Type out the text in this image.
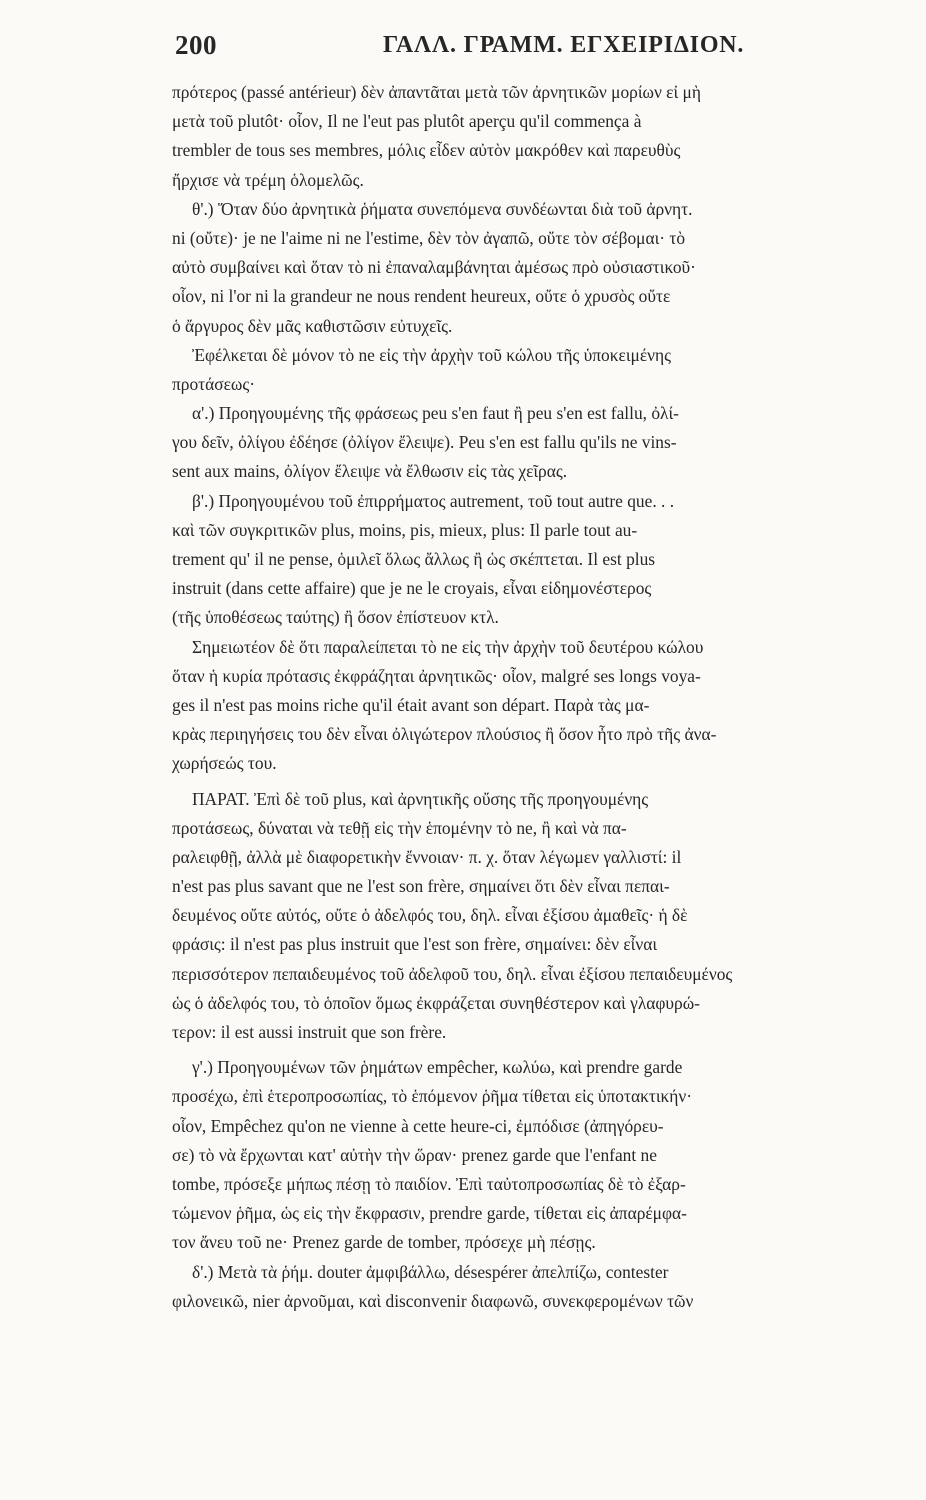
200	ΓΑΛΛ. ΓΡΑΜΜ. ΕΓΧΕΙΡΙΔΙΟΝ.
πρότερος (passé antérieur) δὲν ἀπαντᾶται μετὰ τῶν ἀρνητικῶν μορίων εἰ μὴ
μετὰ τοῦ plutôt· οἷον, Il ne l'eut pas plutôt aperçu qu'il commença à
trembler de tous ses membres, μόλις εἶδεν αὐτὸν μακρόθεν καὶ παρευθὺς
ἤρχισε νὰ τρέμη ὁλομελῶς.
θ'.) Ὅταν δύο ἀρνητικὰ ῥήματα συνεπόμενα συνδέωνται διὰ τοῦ ἀρνητ.
ni (οὔτε)· je ne l'aime ni ne l'estime, δὲν τὸν ἀγαπῶ, οὔτε τὸν σέβομαι· τὸ
αὐτὸ συμβαίνει καὶ ὅταν τὸ ni ἐπαναλαμβάνηται ἀμέσως πρὸ οὐσιαστικοῦ·
οἷον, ni l'or ni la grandeur ne nous rendent heureux, οὔτε ὁ χρυσὸς οὔτε
ὁ ἄργυρος δὲν μᾶς καθιστῶσιν εὐτυχεῖς.
Ἐφέλκεται δὲ μόνον τὸ ne εἰς τὴν ἀρχὴν τοῦ κώλου τῆς ὑποκειμένης
προτάσεως·
α'.) Προηγουμένης τῆς φράσεως peu s'en faut ἢ peu s'en est fallu, ὀλί-
γου δεῖν, ὀλίγου ἐδέησε (ὀλίγον ἔλειψε). Peu s'en est fallu qu'ils ne vins-
sent aux mains, ὀλίγον ἔλειψε νὰ ἔλθωσιν εἰς τὰς χεῖρας.
β'.) Προηγουμένου τοῦ ἐπιρρήματος autrement, τοῦ tout autre que. . .
καὶ τῶν συγκριτικῶν plus, moins, pis, mieux, plus: Il parle tout au-
trement qu' il ne pense, ὁμιλεῖ ὅλως ἄλλως ἢ ὡς σκέπτεται. Il est plus
instruit (dans cette affaire) que je ne le croyais, εἶναι εἰδημονέστερος
(τῆς ὑποθέσεως ταύτης) ἢ ὅσον ἐπίστευον κτλ.
Σημειωτέον δὲ ὅτι παραλείπεται τὸ ne εἰς τὴν ἀρχὴν τοῦ δευτέρου κώλου
ὅταν ἡ κυρία πρότασις ἐκφράζηται ἀρνητικῶς· οἷον, malgré ses longs voya-
ges il n'est pas moins riche qu'il était avant son départ. Παρὰ τὰς μα-
κρὰς περιηγήσεις του δὲν εἶναι ὀλιγώτερον πλούσιος ἢ ὅσον ἦτο πρὸ τῆς ἀνα-
χωρήσεώς του.
ΠΑΡΑΤ. Ἐπὶ δὲ τοῦ plus, καὶ ἀρνητικῆς οὔσης τῆς προηγουμένης
προτάσεως, δύναται νὰ τεθῇ εἰς τὴν ἑπομένην τὸ ne, ἢ καὶ νὰ πα-
ραλειφθῇ, ἀλλὰ μὲ διαφορετικὴν ἔννοιαν· π. χ. ὅταν λέγωμεν γαλλιστί: il
n'est pas plus savant que ne l'est son frère, σημαίνει ὅτι δὲν εἶναι πεπαι-
δευμένος οὔτε αὐτός, οὔτε ὁ ἀδελφός του, δηλ. εἶναι ἐξίσου ἀμαθεῖς· ἡ δὲ
φράσις: il n'est pas plus instruit que l'est son frère, σημαίνει: δὲν εἶναι
περισσότερον πεπαιδευμένος τοῦ ἀδελφοῦ του, δηλ. εἶναι ἐξίσου πεπαιδευμένος
ὡς ὁ ἀδελφός του, τὸ ὁποῖον ὅμως ἐκφράζεται συνηθέστερον καὶ γλαφυρώ-
τερον: il est aussi instruit que son frère.
γ'.) Προηγουμένων τῶν ῥημάτων empêcher, κωλύω, καὶ prendre garde
προσέχω, ἐπὶ ἑτεροπροσωπίας, τὸ ἑπόμενον ῥῆμα τίθεται εἰς ὑποτακτικήν·
οἷον, Empêchez qu'on ne vienne à cette heure-ci, ἐμπόδισε (ἀπηγόρευ-
σε) τὸ νὰ ἔρχωνται κατ' αὐτὴν τὴν ὥραν· prenez garde que l'enfant ne
tombe, πρόσεξε μήπως πέσῃ τὸ παιδίον. Ἐπὶ ταὐτοπροσωπίας δὲ τὸ ἐξαρ-
τώμενον ῥῆμα, ὡς εἰς τὴν ἔκφρασιν, prendre garde, τίθεται εἰς ἀπαρέμφα-
τον ἄνευ τοῦ ne· Prenez garde de tomber, πρόσεχε μὴ πέσῃς.
δ'.) Μετὰ τὰ ῥήμ. douter ἀμφιβάλλω, désespérer ἀπελπίζω, contester
φιλονεικῶ, nier ἀρνοῦμαι, καὶ disconvenir διαφωνῶ, συνεκφερομένων τῶν
